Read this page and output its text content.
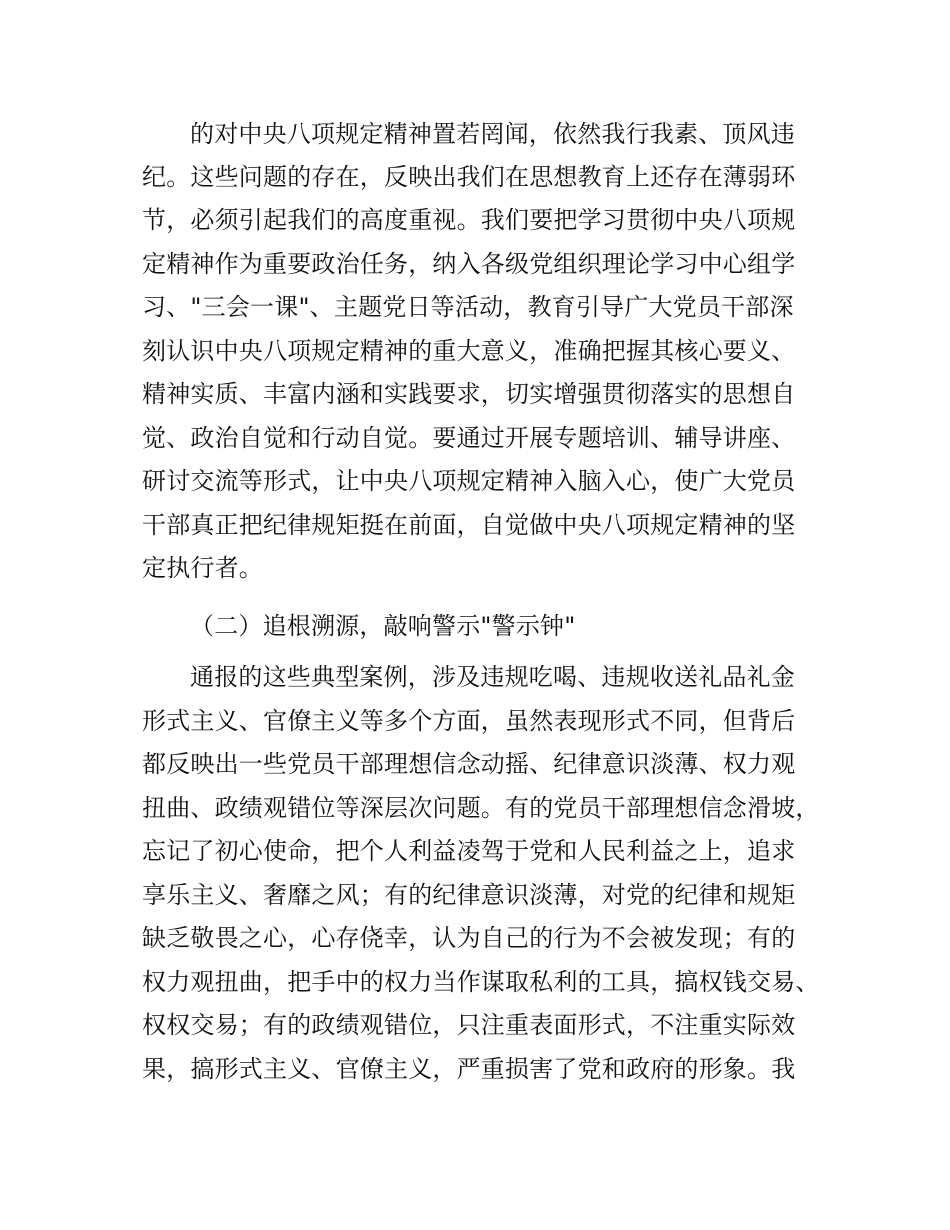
的对中央八项规定精神置若罔闻，依然我行我素、顶风违
纪。这些问题的存在，反映出我们在思想教育上还存在薄弱环
节，必须引起我们的高度重视。我们要把学习贯彻中央八项规
定精神作为重要政治任务，纳入各级党组织理论学习中心组学
习、"三会一课"、主题党日等活动，教育引导广大党员干部深
刻认识中央八项规定精神的重大意义，准确把握其核心要义、
精神实质、丰富内涵和实践要求，切实增强贯彻落实的思想自
觉、政治自觉和行动自觉。要通过开展专题培训、辅导讲座、
研讨交流等形式，让中央八项规定精神入脑入心，使广大党员
干部真正把纪律规矩挺在前面，自觉做中央八项规定精神的坚
定执行者。
（二）追根溯源，敲响警示"警示钟"
通报的这些典型案例，涉及违规吃喝、违规收送礼品礼金
形式主义、官僚主义等多个方面，虽然表现形式不同，但背后
都反映出一些党员干部理想信念动摇、纪律意识淡薄、权力观
扭曲、政绩观错位等深层次问题。有的党员干部理想信念滑坡，
忘记了初心使命，把个人利益凌驾于党和人民利益之上，追求
享乐主义、奢靡之风；有的纪律意识淡薄，对党的纪律和规矩
缺乏敬畏之心，心存侥幸，认为自己的行为不会被发现；有的
权力观扭曲，把手中的权力当作谋取私利的工具，搞权钱交易、
权权交易；有的政绩观错位，只注重表面形式，不注重实际效
果，搞形式主义、官僚主义，严重损害了党和政府的形象。我
